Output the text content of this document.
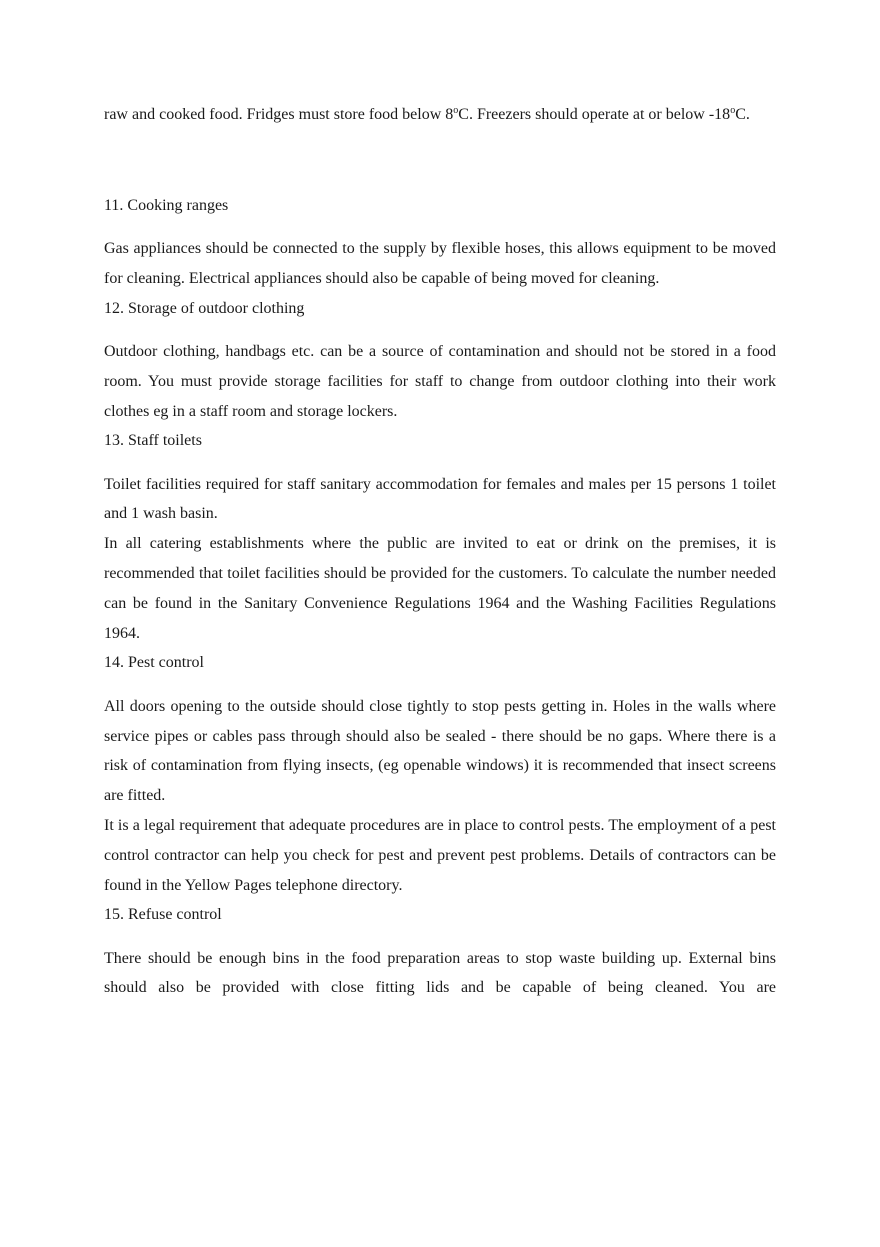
raw and cooked food. Fridges must store food below 8$^o$C. Freezers should operate at or below -18$^o$C.

11. Cooking ranges

Gas appliances should be connected to the supply by flexible hoses, this allows equipment to be moved for cleaning. Electrical appliances should also be capable of being moved for cleaning.

12. Storage of outdoor clothing

Outdoor clothing, handbags etc. can be a source of contamination and should not be stored in a food room. You must provide storage facilities for staff to change from outdoor clothing into their work clothes eg in a staff room and storage lockers.

13. Staff toilets

Toilet facilities required for staff sanitary accommodation for females and males per 15 persons 1 toilet and 1 wash basin.

In all catering establishments where the public are invited to eat or drink on the premises, it is recommended that toilet facilities should be provided for the customers. To calculate the number needed can be found in the Sanitary Convenience Regulations 1964 and the Washing Facilities Regulations 1964.

14. Pest control

All doors opening to the outside should close tightly to stop pests getting in. Holes in the walls where service pipes or cables pass through should also be sealed - there should be no gaps. Where there is a risk of contamination from flying insects, (eg openable windows) it is recommended that insect screens are fitted.

It is a legal requirement that adequate procedures are in place to control pests. The employment of a pest control contractor can help you check for pest and prevent pest problems. Details of contractors can be found in the Yellow Pages telephone directory.

15. Refuse control

There should be enough bins in the food preparation areas to stop waste building up. External bins should also be provided with close fitting lids and be capable of being cleaned. You are
